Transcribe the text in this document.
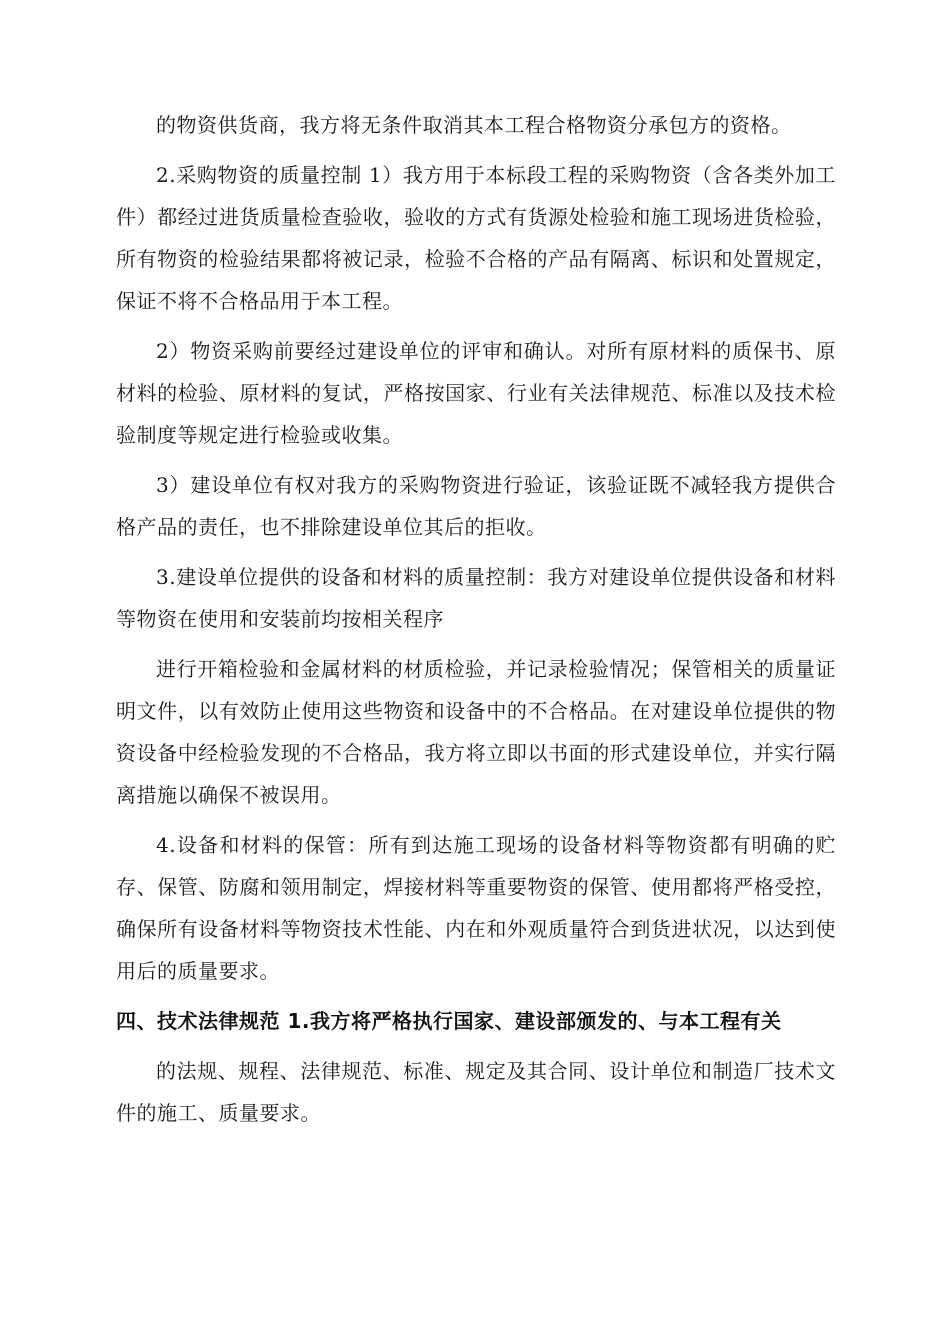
的物资供货商，我方将无条件取消其本工程合格物资分承包方的资格。

2.采购物资的质量控制 1）我方用于本标段工程的采购物资（含各类外加工件）都经过进货质量检查验收，验收的方式有货源处检验和施工现场进货检验，所有物资的检验结果都将被记录，检验不合格的产品有隔离、标识和处置规定，保证不将不合格品用于本工程。

2）物资采购前要经过建设单位的评审和确认。对所有原材料的质保书、原材料的检验、原材料的复试，严格按国家、行业有关法律规范、标准以及技术检验制度等规定进行检验或收集。

3）建设单位有权对我方的采购物资进行验证，该验证既不减轻我方提供合格产品的责任，也不排除建设单位其后的拒收。

3.建设单位提供的设备和材料的质量控制：我方对建设单位提供设备和材料等物资在使用和安装前均按相关程序

进行开箱检验和金属材料的材质检验，并记录检验情况；保管相关的质量证明文件，以有效防止使用这些物资和设备中的不合格品。在对建设单位提供的物资设备中经检验发现的不合格品，我方将立即以书面的形式建设单位，并实行隔离措施以确保不被误用。

4.设备和材料的保管：所有到达施工现场的设备材料等物资都有明确的贮存、保管、防腐和领用制定，焊接材料等重要物资的保管、使用都将严格受控，确保所有设备材料等物资技术性能、内在和外观质量符合到货进状况，以达到使用后的质量要求。

四、技术法律规范 1.我方将严格执行国家、建设部颁发的、与本工程有关

的法规、规程、法律规范、标准、规定及其合同、设计单位和制造厂技术文件的施工、质量要求。
